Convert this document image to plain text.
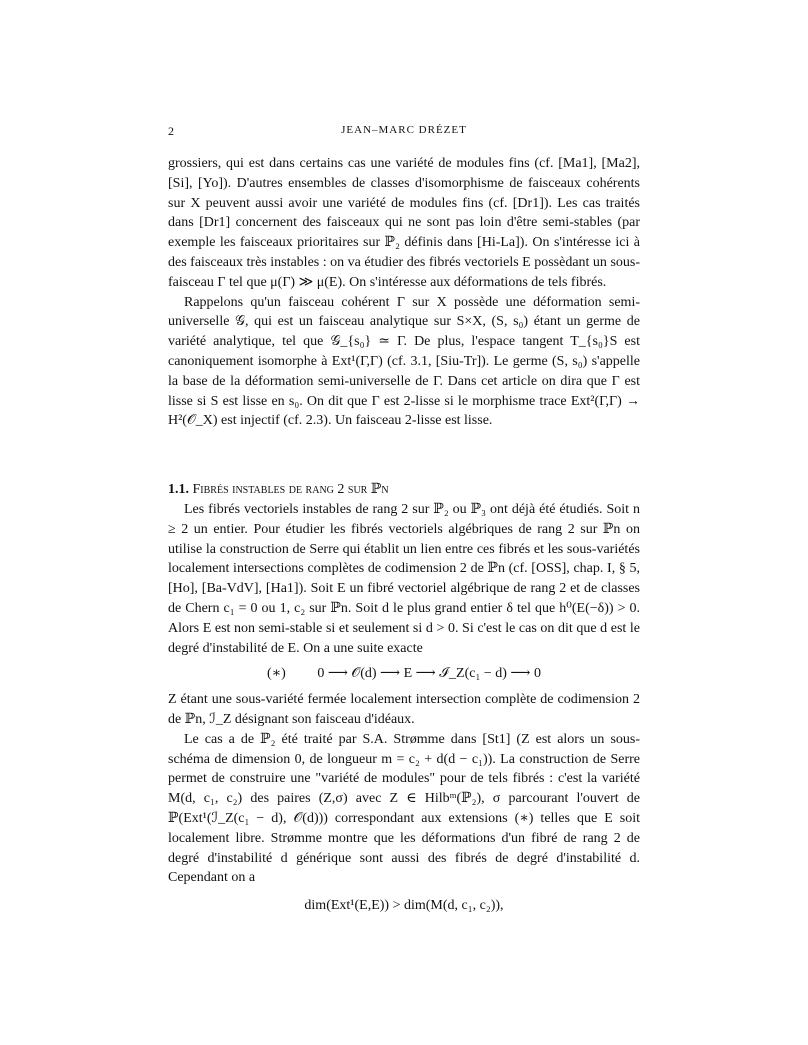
2	JEAN–MARC DRÉZET

grossiers, qui est dans certains cas une variété de modules fins (cf. [Ma1], [Ma2], [Si], [Yo]). D'autres ensembles de classes d'isomorphisme de faisceaux cohérents sur X peuvent aussi avoir une variété de modules fins (cf. [Dr1]). Les cas traités dans [Dr1] concernent des faisceaux qui ne sont pas loin d'être semi-stables (par exemple les faisceaux prioritaires sur ℙ₂ définis dans [Hi-La]). On s'intéresse ici à des faisceaux très instables : on va étudier des fibrés vectoriels E possèdant un sous-faisceau Γ tel que μ(Γ) ≫ μ(E). On s'intéresse aux déformations de tels fibrés.

Rappelons qu'un faisceau cohérent Γ sur X possède une déformation semi-universelle 𝒢, qui est un faisceau analytique sur S×X, (S, s₀) étant un germe de variété analytique, tel que 𝒢_{s₀} ≃ Γ. De plus, l'espace tangent T_{s₀}S est canoniquement isomorphe à Ext¹(Γ,Γ) (cf. 3.1, [Siu-Tr]). Le germe (S, s₀) s'appelle la base de la déformation semi-universelle de Γ. Dans cet article on dira que Γ est lisse si S est lisse en s₀. On dit que Γ est 2-lisse si le morphisme trace Ext²(Γ,Γ) → H²(𝒪_X) est injectif (cf. 2.3). Un faisceau 2-lisse est lisse.

1.1. Fibrés instables de rang 2 sur ℙn

Les fibrés vectoriels instables de rang 2 sur ℙ₂ ou ℙ₃ ont déjà été étudiés. Soit n ≥ 2 un entier. Pour étudier les fibrés vectoriels algébriques de rang 2 sur ℙn on utilise la construction de Serre qui établit un lien entre ces fibrés et les sous-variétés localement intersections complètes de codimension 2 de ℙn (cf. [OSS], chap. I, § 5, [Ho], [Ba-VdV], [Ha1]). Soit E un fibré vectoriel algébrique de rang 2 et de classes de Chern c₁ = 0 ou 1, c₂ sur ℙn. Soit d le plus grand entier δ tel que h⁰(E(−δ)) > 0. Alors E est non semi-stable si et seulement si d > 0. Si c'est le cas on dit que d est le degré d'instabilité de E. On a une suite exacte

(∗) 0 ⟶ 𝒪(d) ⟶ E ⟶ ℐ_Z(c₁ − d) ⟶ 0

Z étant une sous-variété fermée localement intersection complète de codimension 2 de ℙn, ℐ_Z désignant son faisceau d'idéaux.

Le cas a de ℙ₂ été traité par S.A. Strømme dans [St1] (Z est alors un sous-schéma de dimension 0, de longueur m = c₂ + d(d − c₁)). La construction de Serre permet de construire une "variété de modules" pour de tels fibrés : c'est la variété M(d, c₁, c₂) des paires (Z,σ) avec Z ∈ Hilbᵐ(ℙ₂), σ parcourant l'ouvert de ℙ(Ext¹(ℐ_Z(c₁ − d), 𝒪(d))) correspondant aux extensions (∗) telles que E soit localement libre. Strømme montre que les déformations d'un fibré de rang 2 de degré d'instabilité d générique sont aussi des fibrés de degré d'instabilité d. Cependant on a

dim(Ext¹(E,E)) > dim(M(d, c₁, c₂)),
